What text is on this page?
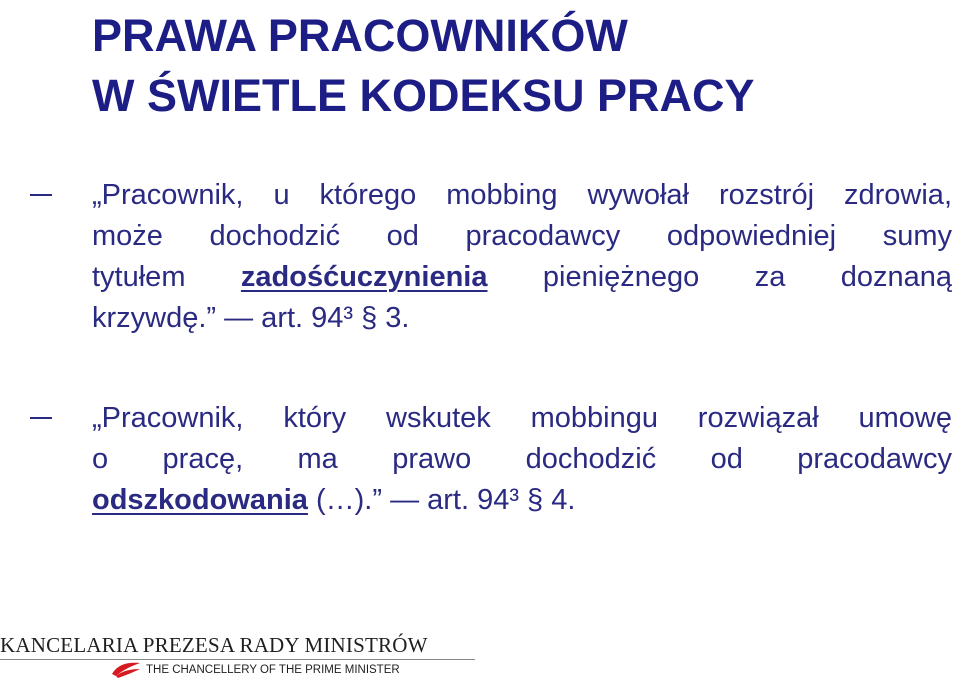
PRAWA PRACOWNIKÓW
W ŚWIETLE KODEKSU PRACY
„Pracownik, u którego mobbing wywołał rozstrój zdrowia,
może dochodzić od pracodawcy odpowiedniej sumy
tytułem zadośćuczynienia pieniężnego za doznaną
krzywdę.” — art. 94³ § 3.
„Pracownik, który wskutek mobbingu rozwiązał umowę
o pracę, ma prawo dochodzić od pracodawcy
odszkodowania (…).” — art. 94³ § 4.
KANCELARIA PREZESA RADY MINISTRÓW
THE CHANCELLERY OF THE PRIME MINISTER
